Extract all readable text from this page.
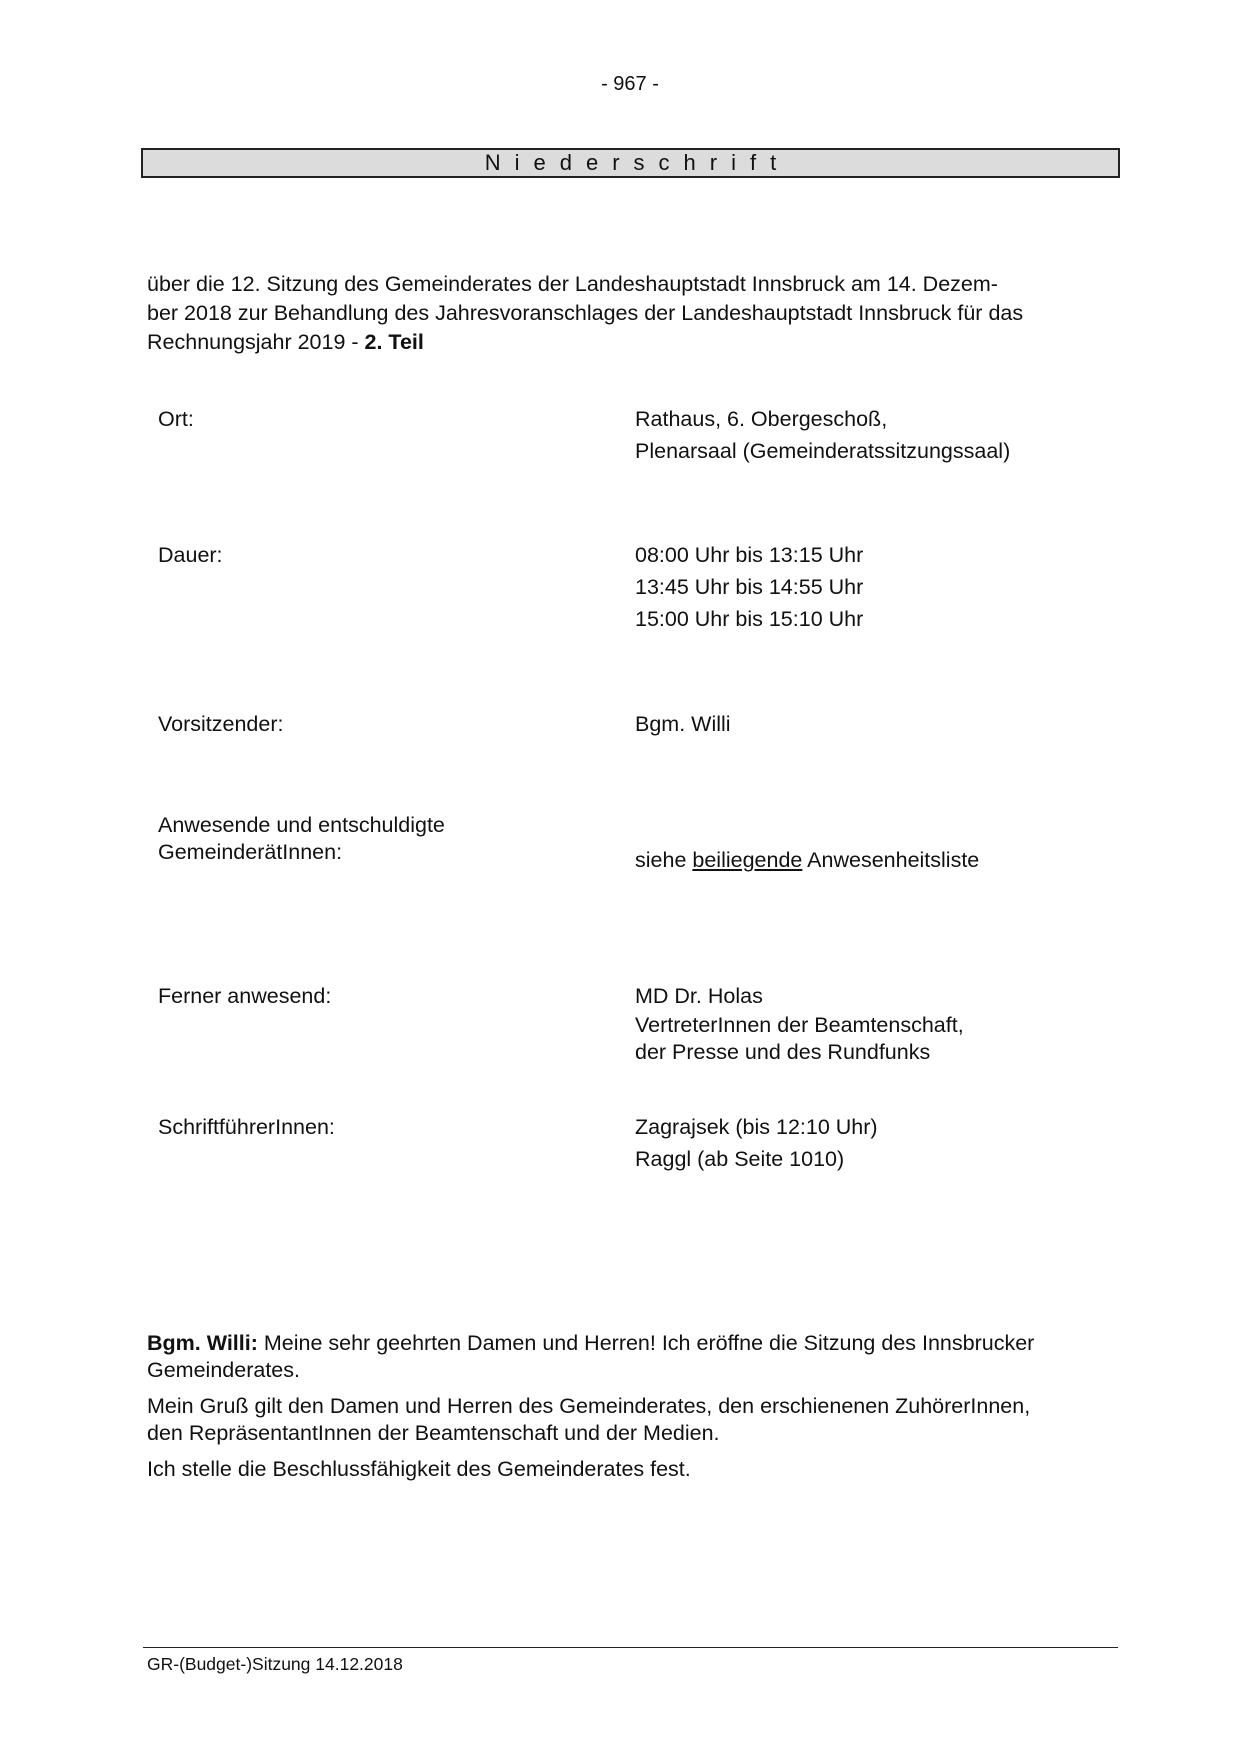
- 967 -
Niederschrift
über die 12. Sitzung des Gemeinderates der Landeshauptstadt Innsbruck am 14. Dezem-
ber 2018 zur Behandlung des Jahresvoranschlages der Landeshauptstadt Innsbruck für das
Rechnungsjahr 2019 - 2. Teil
Ort:	Rathaus, 6. Obergeschoß,
Plenarsaal (Gemeinderatssitzungssaal)
Dauer:	08:00 Uhr bis 13:15 Uhr
13:45 Uhr bis 14:55 Uhr
15:00 Uhr bis 15:10 Uhr
Vorsitzender:	Bgm. Willi
Anwesende und entschuldigte
GemeinderätInnen:	siehe beiliegende Anwesenheitsliste
Ferner anwesend:	MD Dr. Holas
VertreterInnen der Beamtenschaft,
der Presse und des Rundfunks
SchriftführerInnen:	Zagrajsek (bis 12:10 Uhr)
Raggl (ab Seite 1010)
Bgm. Willi: Meine sehr geehrten Damen und Herren! Ich eröffne die Sitzung des Innsbrucker
Gemeinderates.
Mein Gruß gilt den Damen und Herren des Gemeinderates, den erschienenen ZuhörerInnen,
den RepräsentantInnen der Beamtenschaft und der Medien.
Ich stelle die Beschlussfähigkeit des Gemeinderates fest.
GR-(Budget-)Sitzung 14.12.2018
